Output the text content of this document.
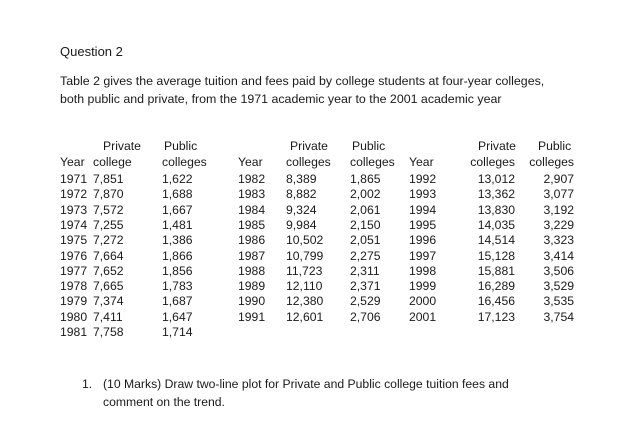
Question 2

Table 2 gives the average tuition and fees paid by college students at four-year colleges,
both public and private, from the 1971 academic year to the 2001 academic year

Private Public
Year college colleges
1971 7,851	1,622
1972 7,870	1,688
1973 7,572	1,667
1974 7,255	1,481
1975 7,272	1,386
1976 7,664	1,866
1977 7,652	1,856
1978 7,665	1,783
1979 7,374	1,687
1980 7,411	1,647
1981 7,758	1,714
Private Public
Year colleges colleges
1982 8,389	1,865
1983 8,882	2,002
1984 9,324	2,061
1985 9,984	2,150
1986 10,502 2,051
1987 10,799 2,275
1988 11,723 2,311
1989 12,110 2,371
1990 12,380 2,529
1991 12,601 2,706
Private Public
Year	colleges	colleges
1992	13,012	2,907
1993	13,362	3,077
1994	13,830	3,192
1995	14,035	3,229
1996	14,514	3,323
1997	15,128	3,414
1998	15,881	3,506
1999	16,289	3,529
2000	16,456	3,535
2001	17,123	3,754

1. (10 Marks) Draw two-line plot for Private and Public college tuition fees and
comment on the trend.
